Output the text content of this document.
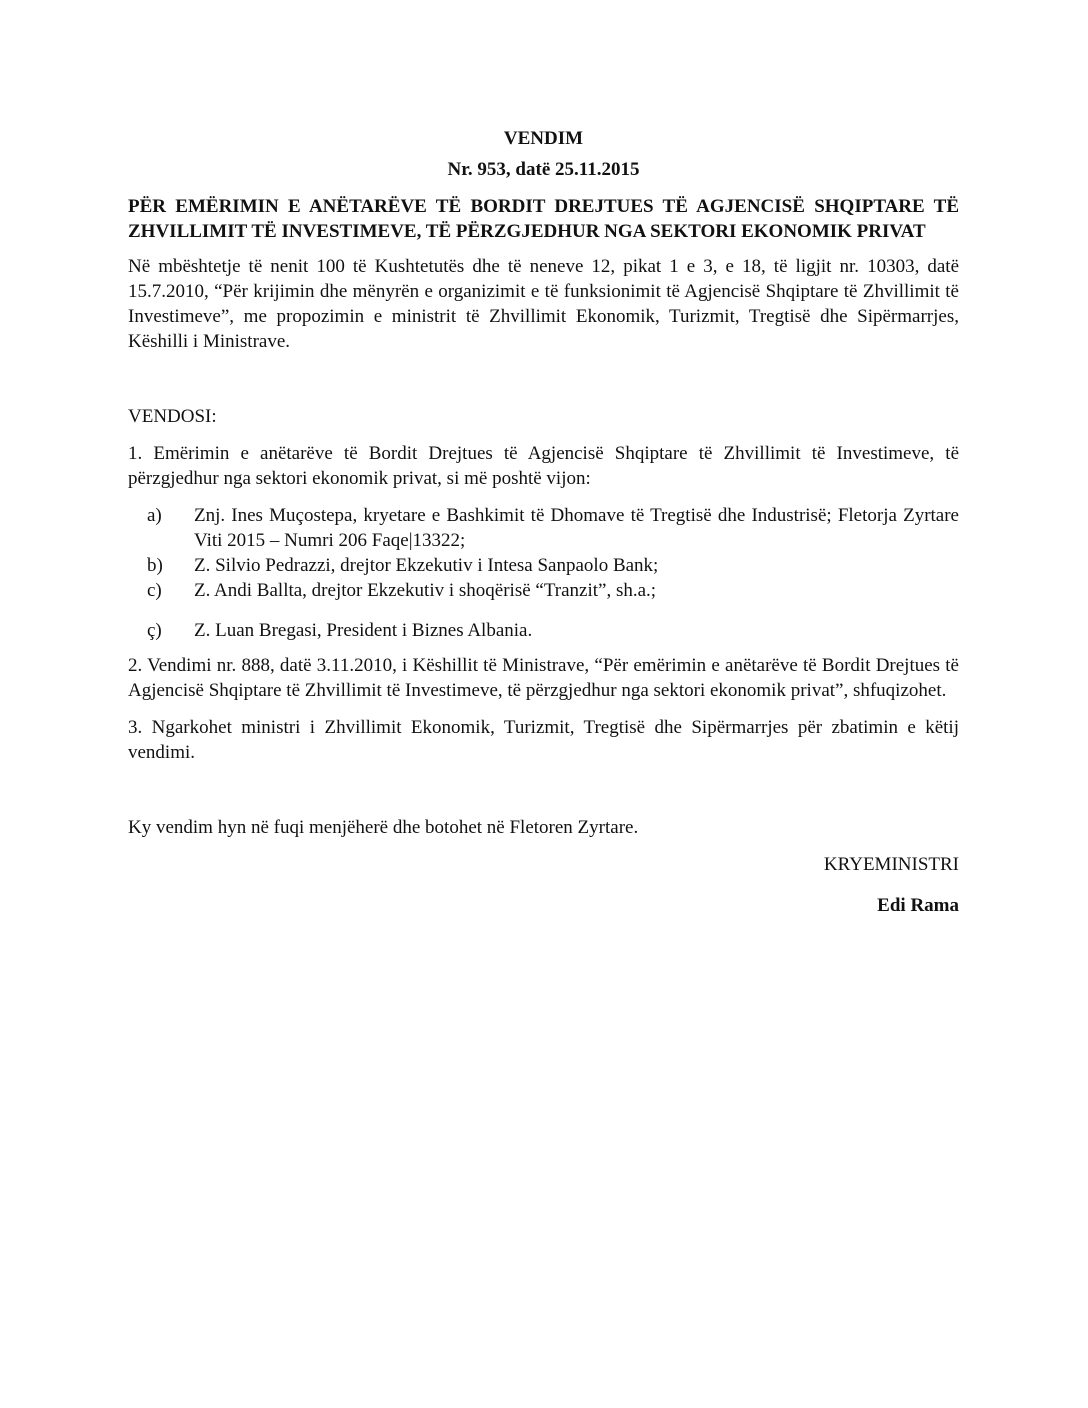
VENDIM

Nr. 953, datë 25.11.2015

PËR EMËRIMIN E ANËTARËVE TË BORDIT DREJTUES TË AGJENCISË SHQIPTARE TË ZHVILLIMIT TË INVESTIMEVE, TË PËRZGJEDHUR NGA SEKTORI EKONOMIK PRIVAT

Në mbështetje të nenit 100 të Kushtetutës dhe të neneve 12, pikat 1 e 3, e 18, të ligjit nr. 10303, datë 15.7.2010, “Për krijimin dhe mënyrën e organizimit e të funksionimit të Agjencisë Shqiptare të Zhvillimit të Investimeve”, me propozimin e ministrit të Zhvillimit Ekonomik, Turizmit, Tregtisë dhe Sipërmarrjes, Këshilli i Ministrave.

VENDOSI:

1. Emërimin e anëtarëve të Bordit Drejtues të Agjencisë Shqiptare të Zhvillimit të Investimeve, të përzgjedhur nga sektori ekonomik privat, si më poshtë vijon:

a)	Znj. Ines Muçostepa, kryetare e Bashkimit të Dhomave të Tregtisë dhe Industrisë; Fletorja Zyrtare Viti 2015 – Numri 206 Faqe|13322;
b)	Z. Silvio Pedrazzi, drejtor Ekzekutiv i Intesa Sanpaolo Bank;
c)	Z. Andi Ballta, drejtor Ekzekutiv i shoqërisë “Tranzit”, sh.a.;
ç)	Z. Luan Bregasi, President i Biznes Albania.

2. Vendimi nr. 888, datë 3.11.2010, i Këshillit të Ministrave, “Për emërimin e anëtarëve të Bordit Drejtues të Agjencisë Shqiptare të Zhvillimit të Investimeve, të përzgjedhur nga sektori ekonomik privat”, shfuqizohet.

3. Ngarkohet ministri i Zhvillimit Ekonomik, Turizmit, Tregtisë dhe Sipërmarrjes për zbatimin e këtij vendimi.

Ky vendim hyn në fuqi menjëherë dhe botohet në Fletoren Zyrtare.

KRYEMINISTRI

Edi Rama
